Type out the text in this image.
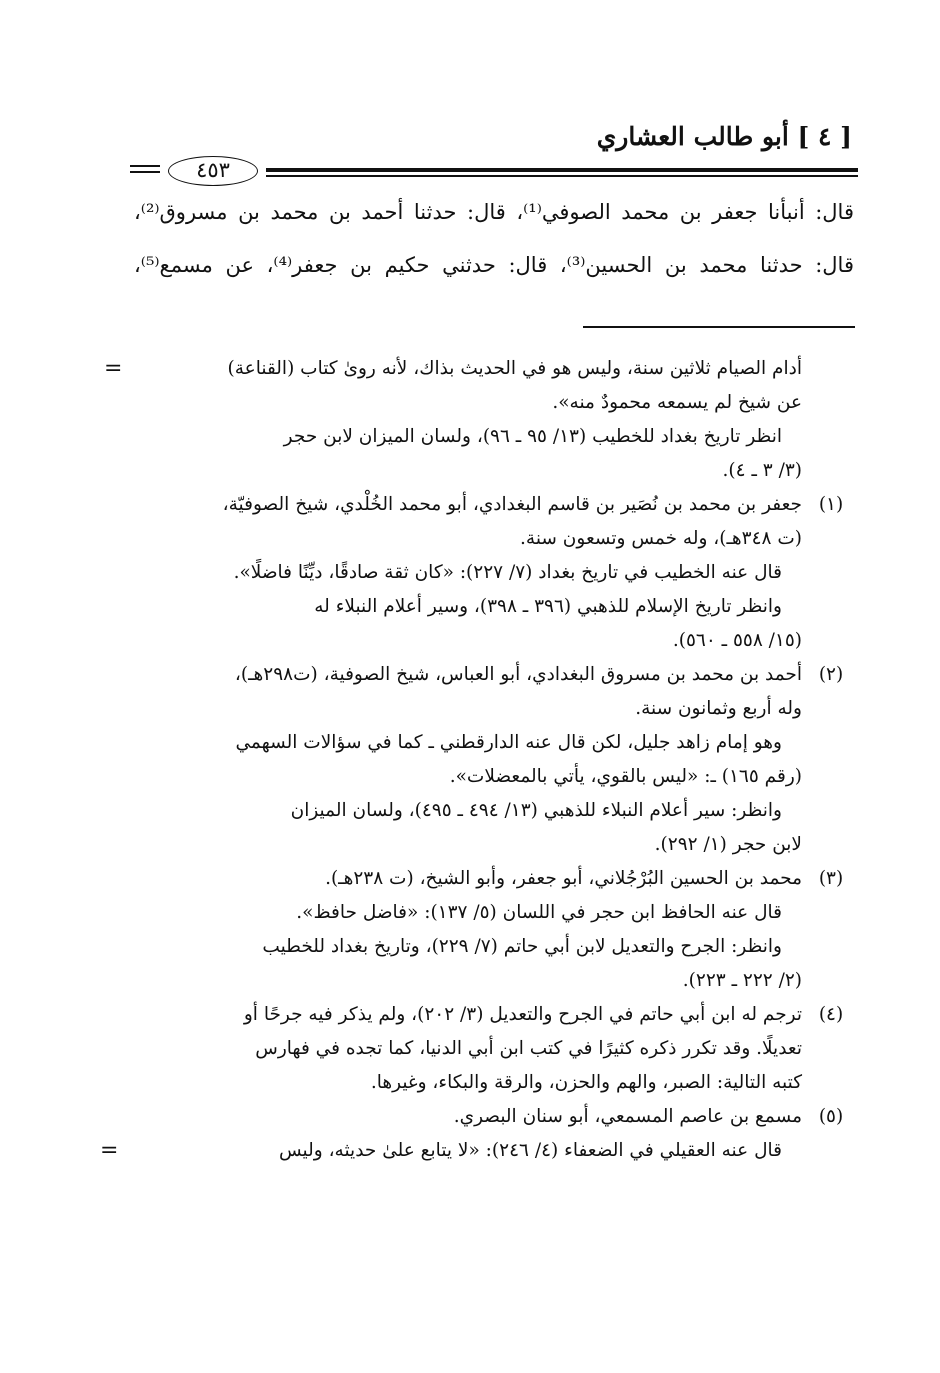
[ ٤ ] أبو طالب العشاري
٤٥٣
قال: أنبأنا جعفر بن محمد الصوفي⁽¹⁾، قال: حدثنا أحمد بن محمد بن مسروق⁽²⁾،
قال: حدثنا محمد بن الحسين⁽³⁾، قال: حدثني حكيم بن جعفر⁽⁴⁾، عن مسمع⁽⁵⁾،
=	أدام الصيام ثلاثين سنة، وليس هو في الحديث بذاك، لأنه روىٰ كتاب (القناعة)
عن شيخ لم يسمعه محمودٌ منه».
انظر تاريخ بغداد للخطيب (١٣/ ٩٥ ـ ٩٦)، ولسان الميزان لابن حجر
(٣/ ٣ ـ ٤).
(١)
جعفر بن محمد بن نُصَير بن قاسم البغدادي، أبو محمد الخُلْدي، شيخ الصوفيّة،
(ت ٣٤٨هـ)، وله خمس وتسعون سنة.
قال عنه الخطيب في تاريخ بغداد (٧/ ٢٢٧): «كان ثقة صادقًا، ديِّنًا فاضلًا».
وانظر تاريخ الإسلام للذهبي (٣٩٦ ـ ٣٩٨)، وسير أعلام النبلاء له
(١٥/ ٥٥٨ ـ ٥٦٠).
(٢)
أحمد بن محمد بن مسروق البغدادي، أبو العباس، شيخ الصوفية، (ت٢٩٨هـ)،
وله أربع وثمانون سنة.
وهو إمام زاهد جليل، لكن قال عنه الدارقطني ـ كما في سؤالات السهمي
(رقم ١٦٥) ـ: «ليس بالقوي، يأتي بالمعضلات».
وانظر: سير أعلام النبلاء للذهبي (١٣/ ٤٩٤ ـ ٤٩٥)، ولسان الميزان
لابن حجر (١/ ٢٩٢).
(٣)
محمد بن الحسين البُرْجُلاني، أبو جعفر، وأبو الشيخ، (ت ٢٣٨هـ).
قال عنه الحافظ ابن حجر في اللسان (٥/ ١٣٧): «فاضل حافظ».
وانظر: الجرح والتعديل لابن أبي حاتم (٧/ ٢٢٩)، وتاريخ بغداد للخطيب
(٢/ ٢٢٢ ـ ٢٢٣).
(٤)
ترجم له ابن أبي حاتم في الجرح والتعديل (٣/ ٢٠٢)، ولم يذكر فيه جرحًا أو
تعديلًا. وقد تكرر ذكره كثيرًا في كتب ابن أبي الدنيا، كما تجده في فهارس
كتبه التالية: الصبر، والهم والحزن، والرقة والبكاء، وغيرها.
(٥)
مسمع بن عاصم المسمعي، أبو سنان البصري.
قال عنه العقيلي في الضعفاء (٤/ ٢٤٦): «لا يتابع علىٰ حديثه، وليس
=
